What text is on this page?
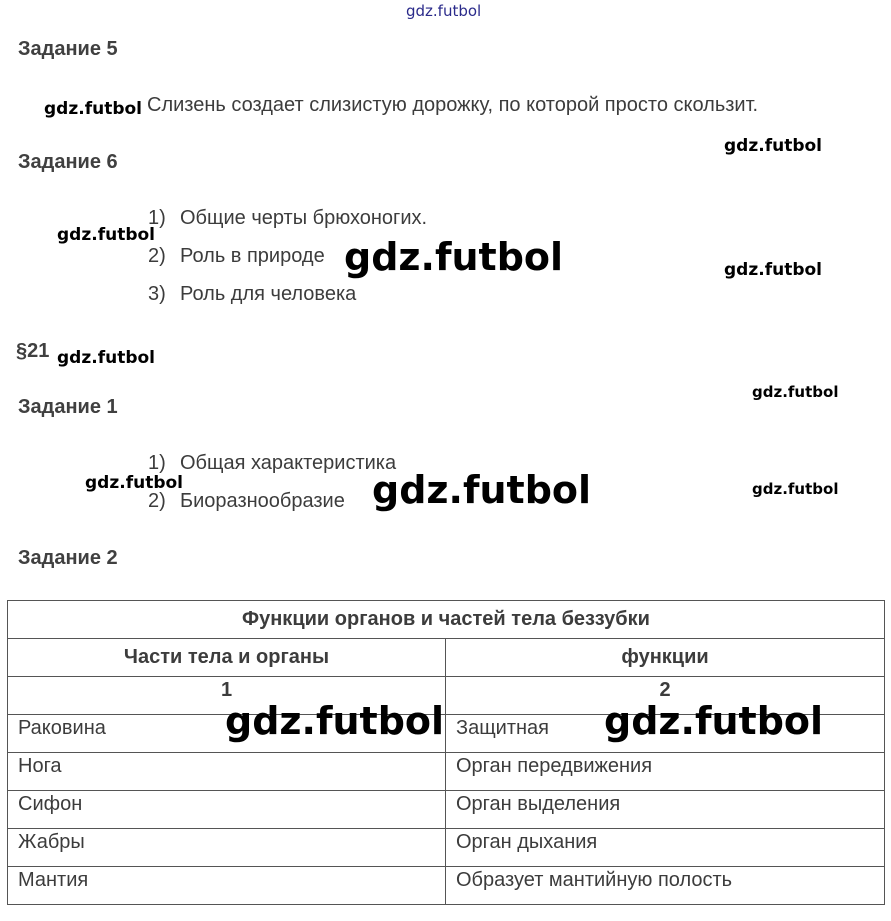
gdz.futbol
Задание 5
gdz.futbol Слизень создает слизистую дорожку, по которой просто скользит.
gdz.futbol
Задание 6
gdz.futbol
1) Общие черты брюхоногих.
2) Роль в природе gdz.futbol	gdz.futbol
3) Роль для человека
§21 gdz.futbol
gdz.futbol
Задание 1
1) Общая характеристика
gdz.futbol
2) Биоразнообразие gdz.futbol	gdz.futbol
Задание 2
Функции органов и частей тела беззубки	
Части тела и органы	функции
1	2
Раковина	Защитная
Нога	Орган передвижения
Сифон	Орган выделения
Жабры	Орган дыхания
Мантия	Образует мантийную полость
gdz.futbol	gdz.futbol
